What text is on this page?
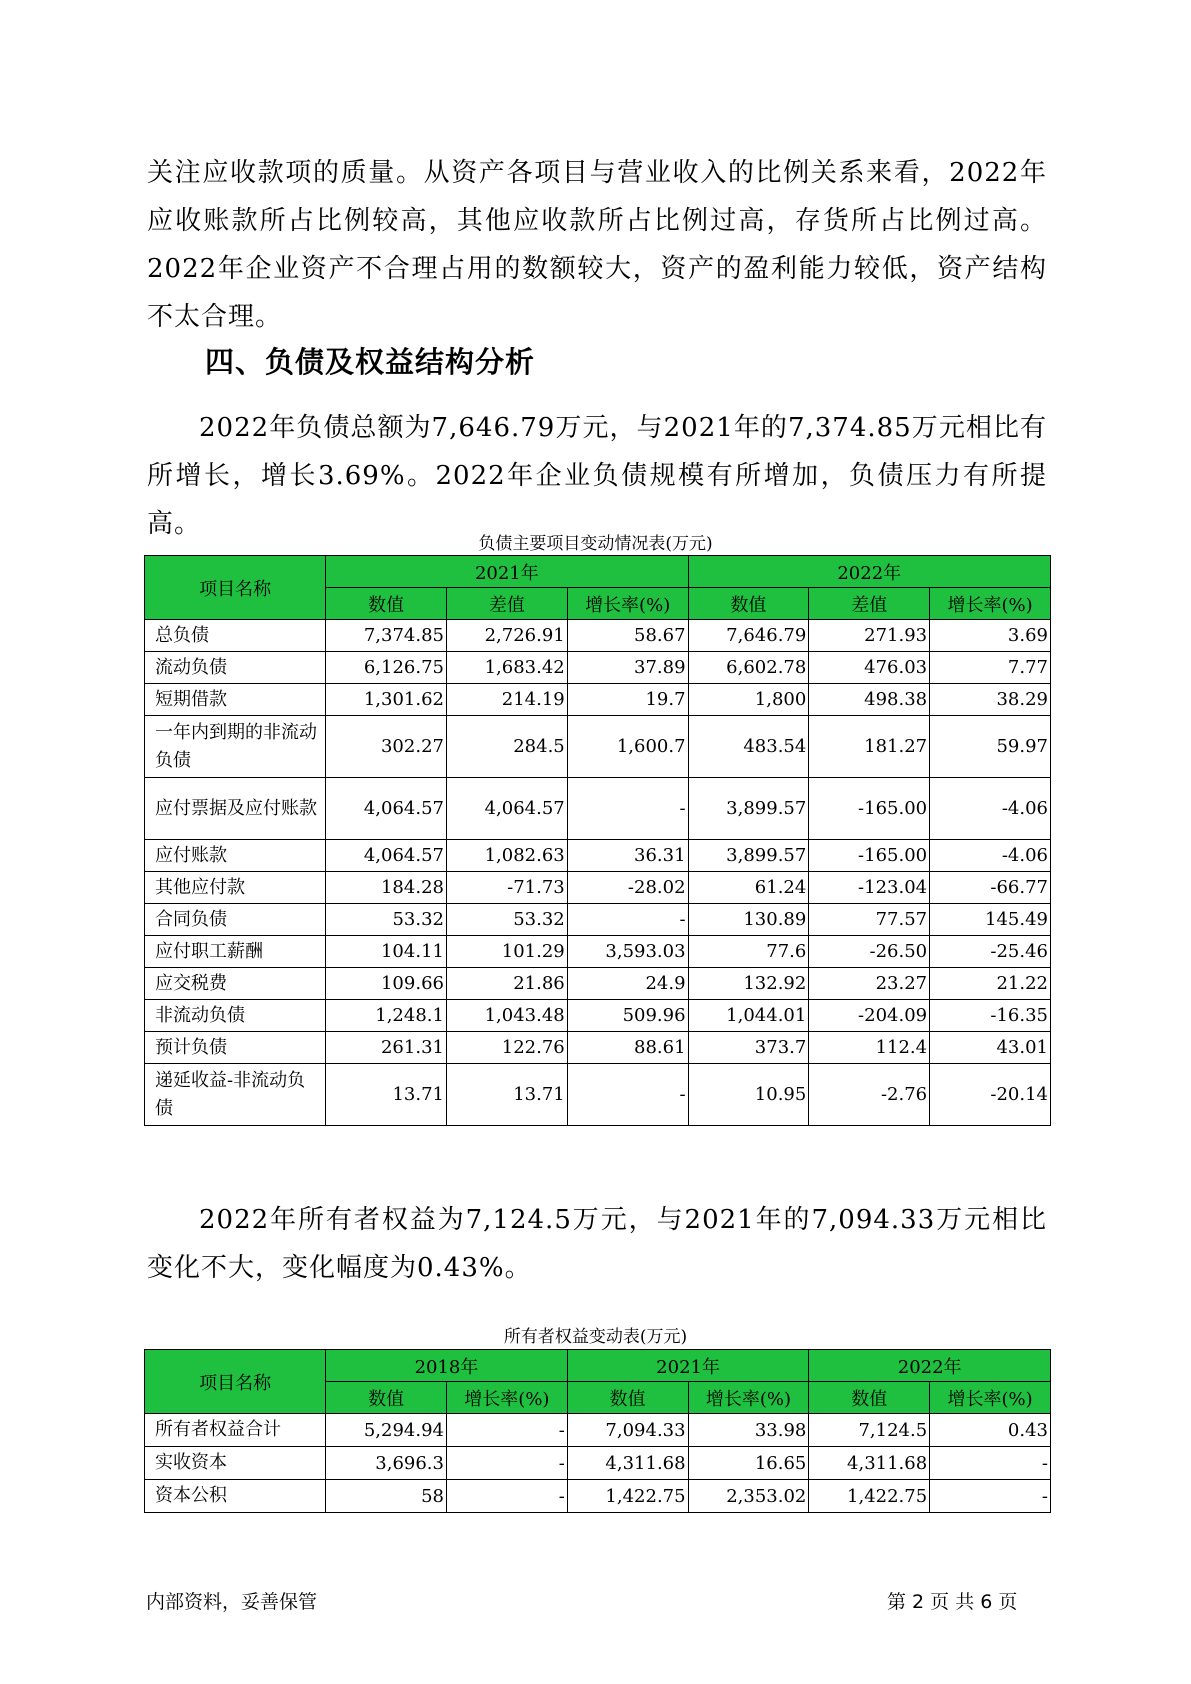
关注应收款项的质量。从资产各项目与营业收入的比例关系来看，2022年应收账款所占比例较高，其他应收款所占比例过高，存货所占比例过高。2022年企业资产不合理占用的数额较大，资产的盈利能力较低，资产结构不太合理。

四、负债及权益结构分析

2022年负债总额为7,646.79万元，与2021年的7,374.85万元相比有所增长，增长3.69%。2022年企业负债规模有所增加，负债压力有所提高。

负债主要项目变动情况表(万元)
项目名称	2021年			2022年		
	数值	差值	增长率(%)	数值	差值	增长率(%)
总负债	7,374.85	2,726.91	58.67	7,646.79	271.93	3.69
流动负债	6,126.75	1,683.42	37.89	6,602.78	476.03	7.77
短期借款	1,301.62	214.19	19.7	1,800	498.38	38.29
一年内到期的非流动负债	302.27	284.5	1,600.7	483.54	181.27	59.97
应付票据及应付账款	4,064.57	4,064.57	-	3,899.57	-165.00	-4.06
应付账款	4,064.57	1,082.63	36.31	3,899.57	-165.00	-4.06
其他应付款	184.28	-71.73	-28.02	61.24	-123.04	-66.77
合同负债	53.32	53.32	-	130.89	77.57	145.49
应付职工薪酬	104.11	101.29	3,593.03	77.6	-26.50	-25.46
应交税费	109.66	21.86	24.9	132.92	23.27	21.22
非流动负债	1,248.1	1,043.48	509.96	1,044.01	-204.09	-16.35
预计负债	261.31	122.76	88.61	373.7	112.4	43.01
递延收益-非流动负债	13.71	13.71	-	10.95	-2.76	-20.14

2022年所有者权益为7,124.5万元，与2021年的7,094.33万元相比变化不大，变化幅度为0.43%。

所有者权益变动表(万元)
项目名称	2018年		2021年		2022年	
	数值	增长率(%)	数值	增长率(%)	数值	增长率(%)
所有者权益合计	5,294.94	-	7,094.33	33.98	7,124.5	0.43
实收资本	3,696.3	-	4,311.68	16.65	4,311.68	-
资本公积	58	-	1,422.75	2,353.02	1,422.75	-
内部资料，妥善保管	第 2 页 共 6 页
